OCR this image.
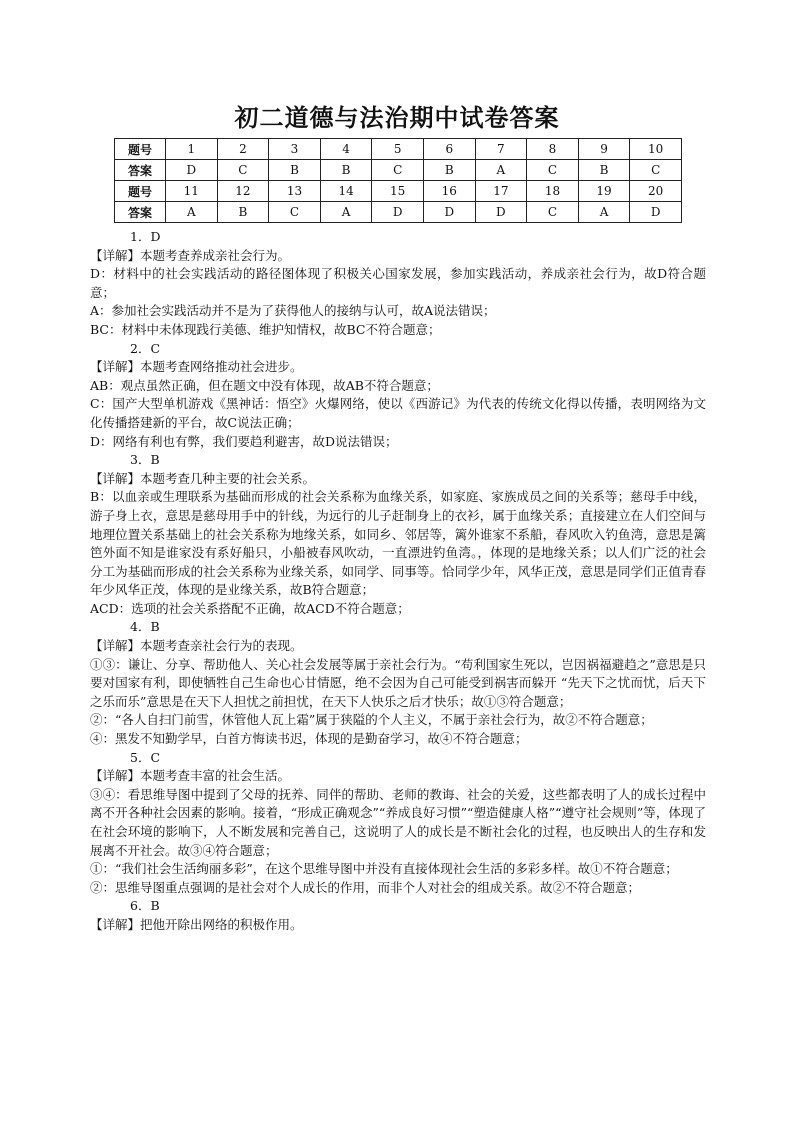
初二道德与法治期中试卷答案
题号	1	2	3	4	5	6	7	8	9	10
答案	D	C	B	B	C	B	A	C	B	C
题号	11	12	13	14	15	16	17	18	19	20
答案	A	B	C	A	D	D	D	C	A	D

1．D

【详解】本题考查养成亲社会行为。

D：材料中的社会实践活动的路径图体现了积极关心国家发展，参加实践活动，养成亲社会行为，故D符合题意；

A：参加社会实践活动并不是为了获得他人的接纳与认可，故A说法错误；

BC：材料中未体现践行美德、维护知情权，故BC不符合题意；

2．C

【详解】本题考查网络推动社会进步。

AB：观点虽然正确，但在题文中没有体现，故AB不符合题意；

C：国产大型单机游戏《黑神话：悟空》火爆网络，使以《西游记》为代表的传统文化得以传播，表明网络为文化传播搭建新的平台，故C说法正确；

D：网络有利也有弊，我们要趋利避害，故D说法错误；

3．B

【详解】本题考查几种主要的社会关系。

B：以血亲或生理联系为基础而形成的社会关系称为血缘关系，如家庭、家族成员之间的关系等；慈母手中线，游子身上衣，意思是慈母用手中的针线，为远行的儿子赶制身上的衣衫，属于血缘关系；直接建立在人们空间与地理位置关系基础上的社会关系称为地缘关系，如同乡、邻居等，篱外谁家不系船，春风吹入钓鱼湾，意思是篱笆外面不知是谁家没有系好船只，小船被春风吹动，一直漂进钓鱼湾。，体现的是地缘关系；以人们广泛的社会分工为基础而形成的社会关系称为业缘关系，如同学、同事等。恰同学少年，风华正茂，意思是同学们正值青春年少风华正茂，体现的是业缘关系，故B符合题意；

ACD：选项的社会关系搭配不正确，故ACD不符合题意；

4．B

【详解】本题考查亲社会行为的表现。

①③：谦让、分享、帮助他人、关心社会发展等属于亲社会行为。“苟利国家生死以，岂因祸福避趋之”意思是只要对国家有利，即使牺牲自己生命也心甘情愿，绝不会因为自己可能受到祸害而躲开 “先天下之忧而忧，后天下之乐而乐”意思是在天下人担忧之前担忧，在天下人快乐之后才快乐；故①③符合题意；

②：“各人自扫门前雪，休管他人瓦上霜”属于狭隘的个人主义，不属于亲社会行为，故②不符合题意；

④：黑发不知勤学早，白首方悔读书迟，体现的是勤奋学习，故④不符合题意；

5．C

【详解】本题考查丰富的社会生活。

③④：看思维导图中提到了父母的抚养、同伴的帮助、老师的教诲、社会的关爱，这些都表明了人的成长过程中离不开各种社会因素的影响。接着，“形成正确观念”“养成良好习惯”“塑造健康人格”“遵守社会规则”等，体现了在社会环境的影响下，人不断发展和完善自己，这说明了人的成长是不断社会化的过程，也反映出人的生存和发展离不开社会。故③④符合题意；

①：“我们社会生活绚丽多彩”，在这个思维导图中并没有直接体现社会生活的多彩多样。故①不符合题意；

②：思维导图重点强调的是社会对个人成长的作用，而非个人对社会的组成关系。故②不符合题意；

6．B

【详解】把他开除出网络的积极作用。
